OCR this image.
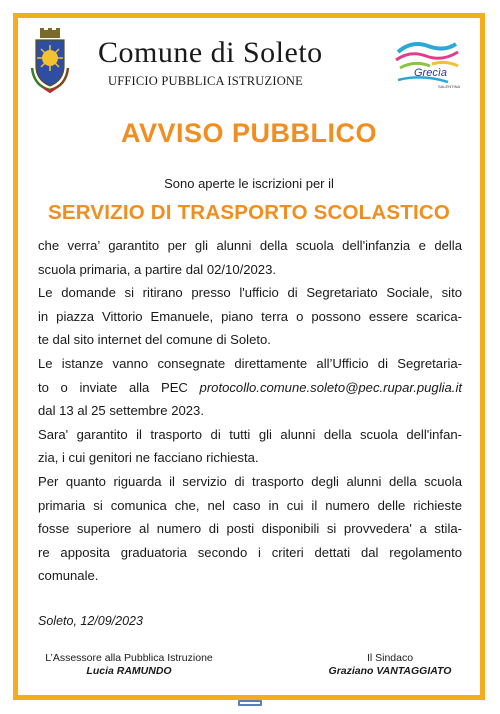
Comune di Soleto
UFFICIO PUBBLICA ISTRUZIONE
Grecìa
SALENTINA
AVVISO PUBBLICO
Sono aperte le iscrizioni per il
SERVIZIO DI TRASPORTO SCOLASTICO
che verra’ garantito per gli alunni della scuola dell'infanzia e della
scuola primaria, a partire dal 02/10/2023.
Le domande si ritirano presso l'ufficio di Segretariato Sociale, sito
in piazza Vittorio Emanuele, piano terra o possono essere scarica-
te dal sito internet del comune di Soleto.
Le istanze vanno consegnate direttamente all’Ufficio di Segretaria-
to o inviate alla PEC protocollo.comune.soleto@pec.rupar.puglia.it
dal 13 al 25 settembre 2023.
Sara' garantito il trasporto di tutti gli alunni della scuola dell'infan-
zia, i cui genitori ne facciano richiesta.
Per quanto riguarda il servizio di trasporto degli alunni della scuola
primaria si comunica che, nel caso in cui il numero delle richieste
fosse superiore al numero di posti disponibili si provvedera' a stila-
re apposita graduatoria secondo i criteri dettati dal regolamento
comunale.
Soleto, 12/09/2023
L’Assessore alla Pubblica Istruzione
Lucia RAMUNDO
Il Sindaco
Graziano VANTAGGIATO
